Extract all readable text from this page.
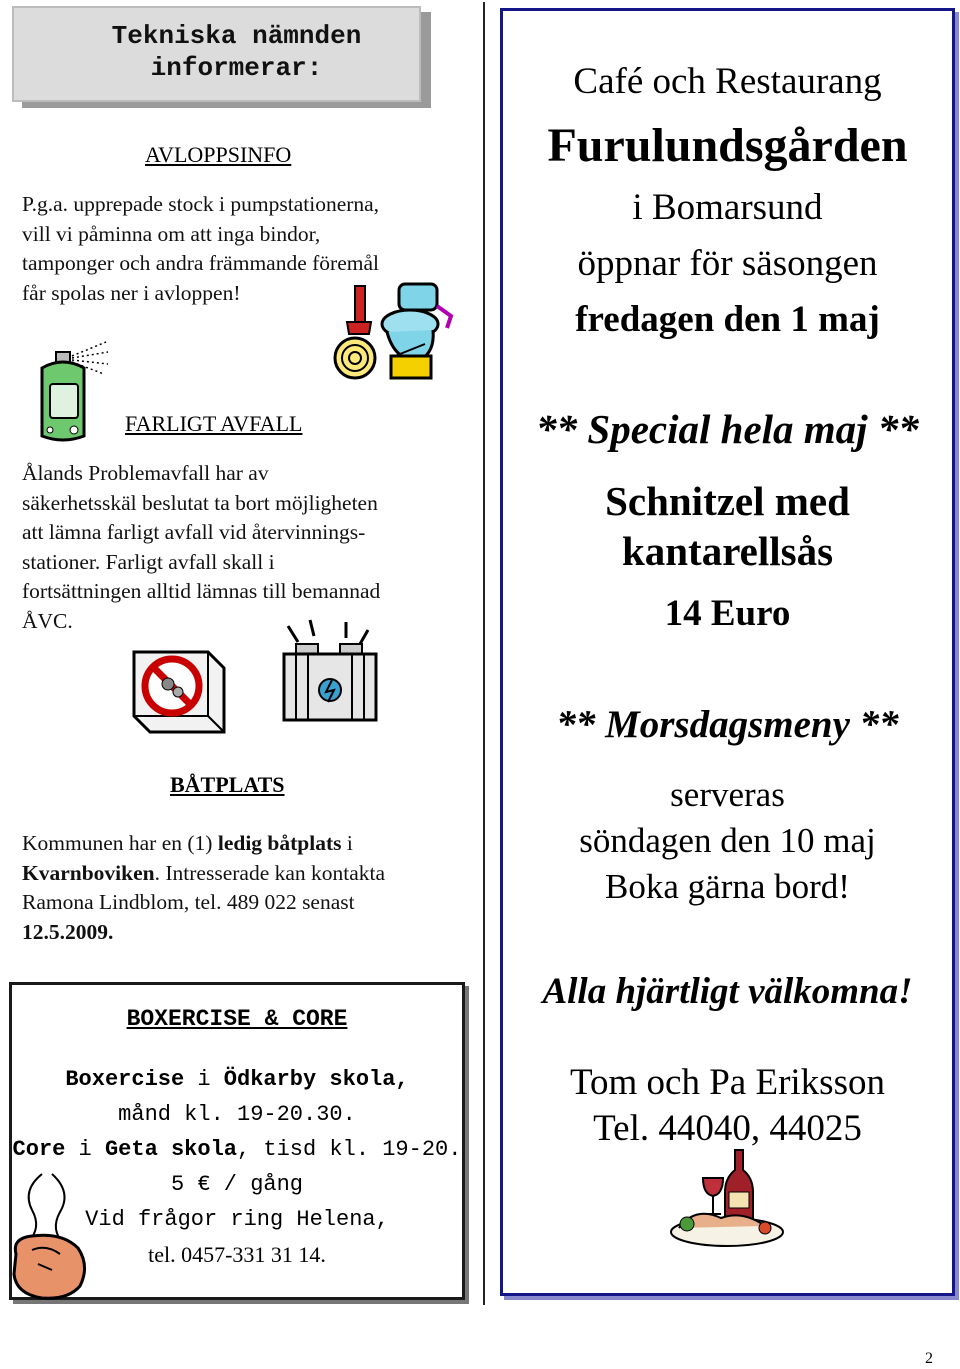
Tekniska nämnden
informerar:
AVLOPPSINFO
P.g.a. upprepade stock i pumpstationerna,
vill vi påminna om att inga bindor,
tamponger och andra främmande föremål
får spolas ner i avloppen!
FARLIGT AVFALL
Ålands Problemavfall har av
säkerhetsskäl beslutat ta bort möjligheten
att lämna farligt avfall vid återvinnings-
stationer. Farligt avfall skall i
fortsättningen alltid lämnas till bemannad
ÅVC.
BÅTPLATS
Kommunen har en (1) ledig båtplats i
Kvarnboviken. Intresserade kan kontakta
Ramona Lindblom, tel. 489 022 senast
12.5.2009.
BOXERCISE & CORE
Boxercise i Ödkarby skola,
månd kl. 19-20.30.
Core i Geta skola, tisd kl. 19-20.
5 € / gång
Vid frågor ring Helena,
tel. 0457-331 31 14.
Café och Restaurang
Furulundsgården
i Bomarsund
öppnar för säsongen
fredagen den 1 maj
** Special hela maj **
Schnitzel med
kantarellsås
14 Euro
** Morsdagsmeny **
serveras
söndagen den 10 maj
Boka gärna bord!
Alla hjärtligt välkomna!
Tom och Pa Eriksson
Tel. 44040, 44025
2
